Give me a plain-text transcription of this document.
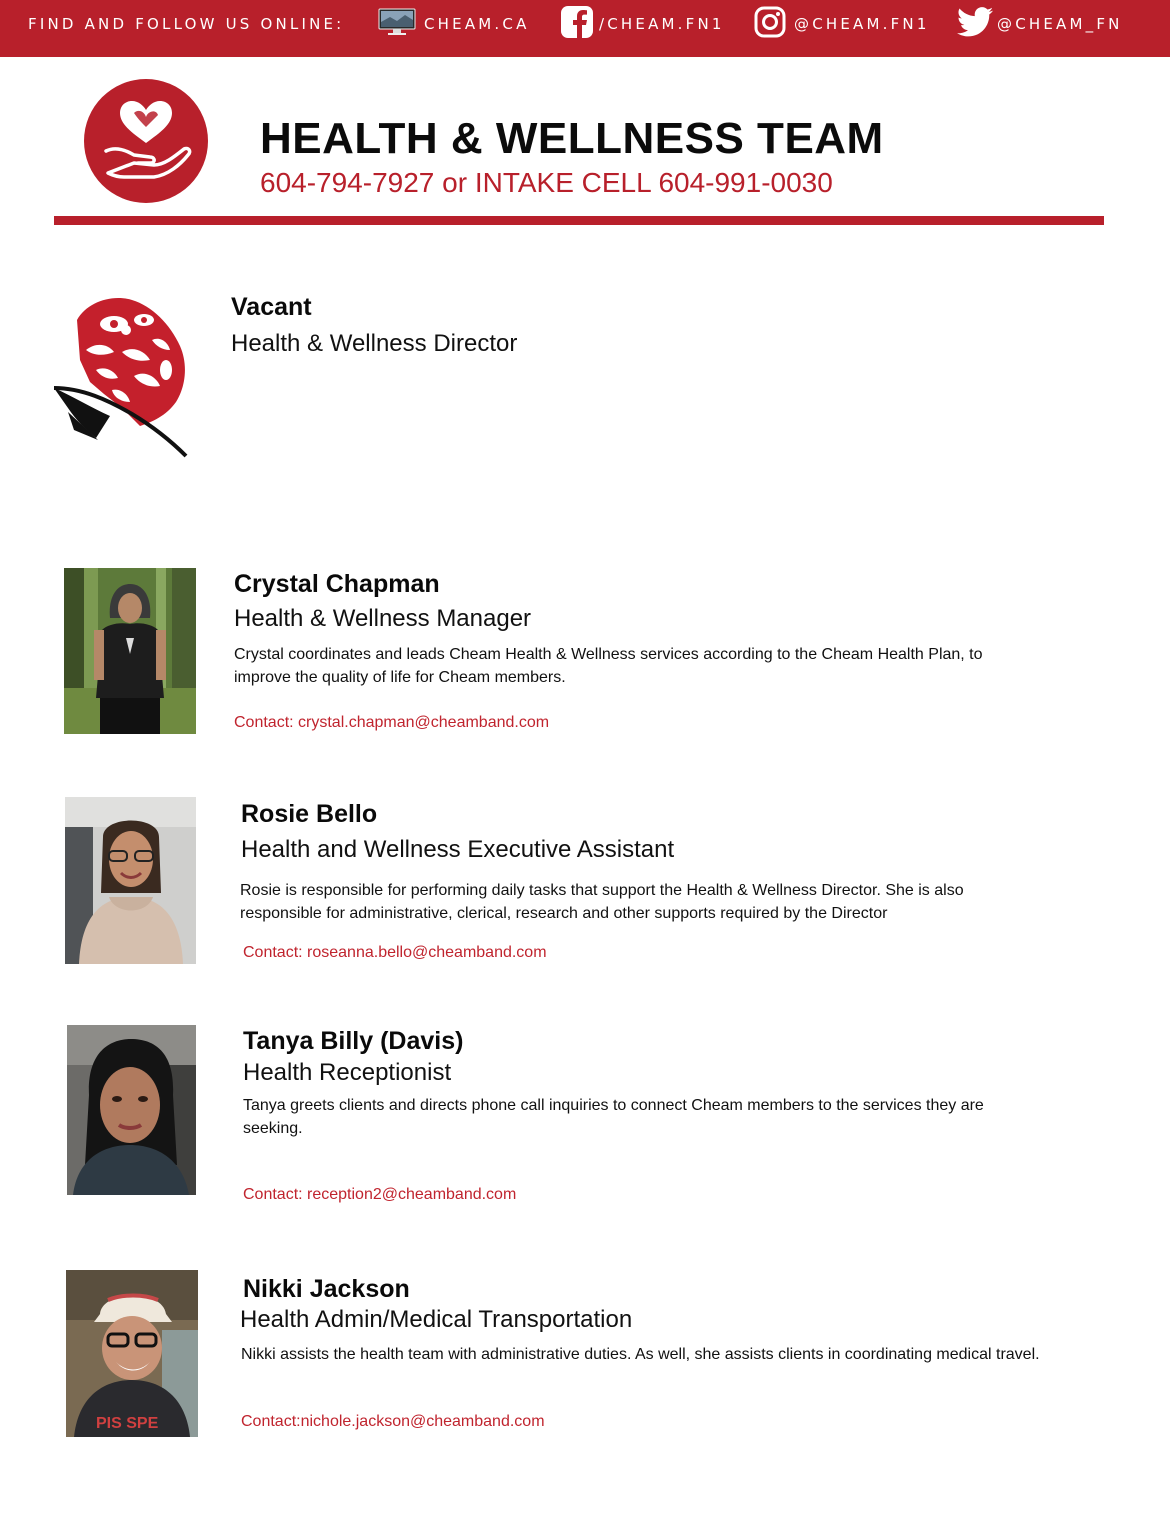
FIND AND FOLLOW US ONLINE:	CHEAM.CA	/CHEAM.FN1	@CHEAM.FN1	@CHEAM_FN
HEALTH & WELLNESS TEAM
604-794-7927 or INTAKE CELL 604-991-0030
Vacant
Health & Wellness Director
Crystal Chapman
Health & Wellness Manager
Crystal coordinates and leads Cheam Health & Wellness services according to the Cheam Health Plan, to improve the quality of life for Cheam members.
Contact: crystal.chapman@cheamband.com
Rosie Bello
Health and Wellness Executive Assistant
Rosie is responsible for performing daily tasks that support the Health & Wellness Director. She is also responsible for administrative, clerical, research and other supports required by the Director
Contact: roseanna.bello@cheamband.com
Tanya Billy (Davis)
Health Receptionist
Tanya greets clients and directs phone call inquiries to connect Cheam members to the services they are seeking.
Contact: reception2@cheamband.com
PIS SPE
Nikki Jackson
Health Admin/Medical Transportation
Nikki assists the health team with administrative duties. As well, she assists clients in coordinating medical travel.
Contact:nichole.jackson@cheamband.com
